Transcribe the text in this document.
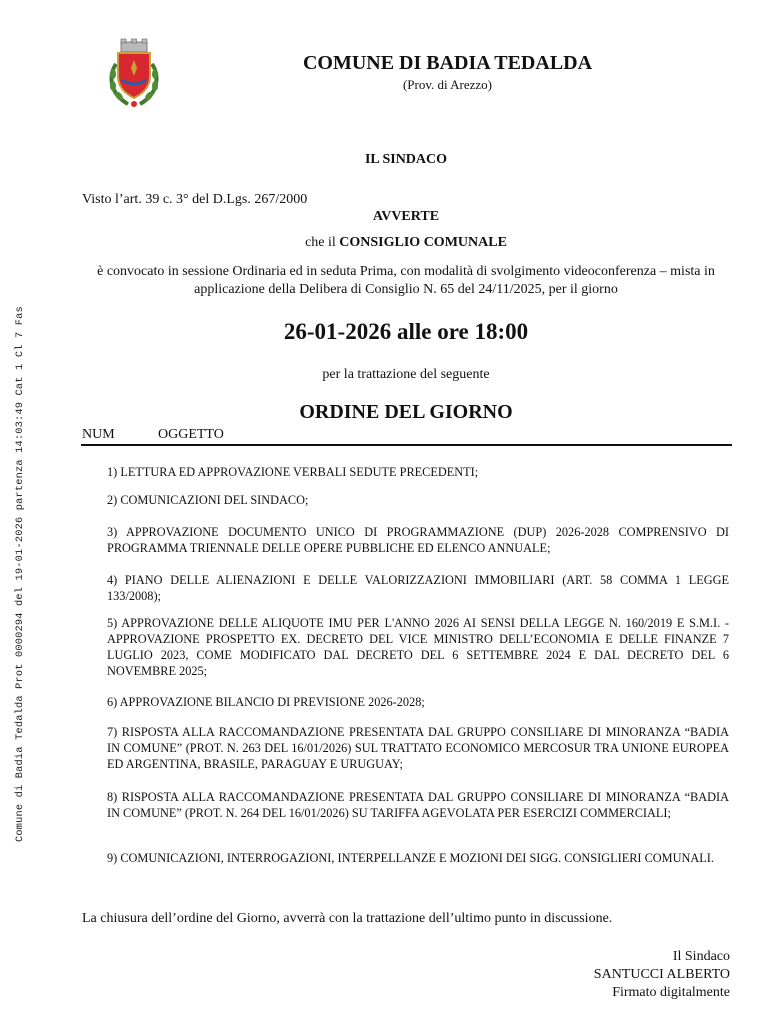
Comune di Badia Tedalda Prot 0000294 del 19-01-2026 partenza 14:03:49 Cat 1 Cl 7 Fas
COMUNE DI BADIA TEDALDA
(Prov. di Arezzo)
IL SINDACO
Visto l’art. 39 c. 3° del D.Lgs. 267/2000
AVVERTE
che il CONSIGLIO COMUNALE
è convocato in sessione Ordinaria ed in seduta Prima, con modalità di svolgimento videoconferenza – mista in applicazione della Delibera di Consiglio N. 65 del 24/11/2025, per il giorno
26-01-2026 alle ore 18:00
per la trattazione del seguente
ORDINE DEL GIORNO
NUM	OGGETTO
1) LETTURA ED APPROVAZIONE VERBALI SEDUTE PRECEDENTI;
2) COMUNICAZIONI DEL SINDACO;
3) APPROVAZIONE DOCUMENTO UNICO DI PROGRAMMAZIONE (DUP) 2026-2028 COMPRENSIVO DI PROGRAMMA TRIENNALE DELLE OPERE PUBBLICHE ED ELENCO ANNUALE;
4) PIANO DELLE ALIENAZIONI E DELLE VALORIZZAZIONI IMMOBILIARI (ART. 58 COMMA 1 LEGGE 133/2008);
5) APPROVAZIONE DELLE ALIQUOTE IMU PER L'ANNO 2026 AI SENSI DELLA LEGGE N. 160/2019 E S.M.I. - APPROVAZIONE PROSPETTO EX. DECRETO DEL VICE MINISTRO DELL’ECONOMIA E DELLE FINANZE 7 LUGLIO 2023, COME MODIFICATO DAL DECRETO DEL 6 SETTEMBRE 2024 E DAL DECRETO DEL 6 NOVEMBRE 2025;
6) APPROVAZIONE BILANCIO DI PREVISIONE 2026-2028;
7) RISPOSTA ALLA RACCOMANDAZIONE PRESENTATA DAL GRUPPO CONSILIARE DI MINORANZA “BADIA IN COMUNE” (PROT. N. 263 DEL 16/01/2026) SUL TRATTATO ECONOMICO MERCOSUR TRA UNIONE EUROPEA ED ARGENTINA, BRASILE, PARAGUAY E URUGUAY;
8) RISPOSTA ALLA RACCOMANDAZIONE PRESENTATA DAL GRUPPO CONSILIARE DI MINORANZA “BADIA IN COMUNE” (PROT. N. 264 DEL 16/01/2026) SU TARIFFA AGEVOLATA PER ESERCIZI COMMERCIALI;
9) COMUNICAZIONI, INTERROGAZIONI, INTERPELLANZE E MOZIONI DEI SIGG. CONSIGLIERI COMUNALI.
La chiusura dell’ordine del Giorno, avverrà con la trattazione dell’ultimo punto in discussione.
Il Sindaco
SANTUCCI ALBERTO
Firmato digitalmente
